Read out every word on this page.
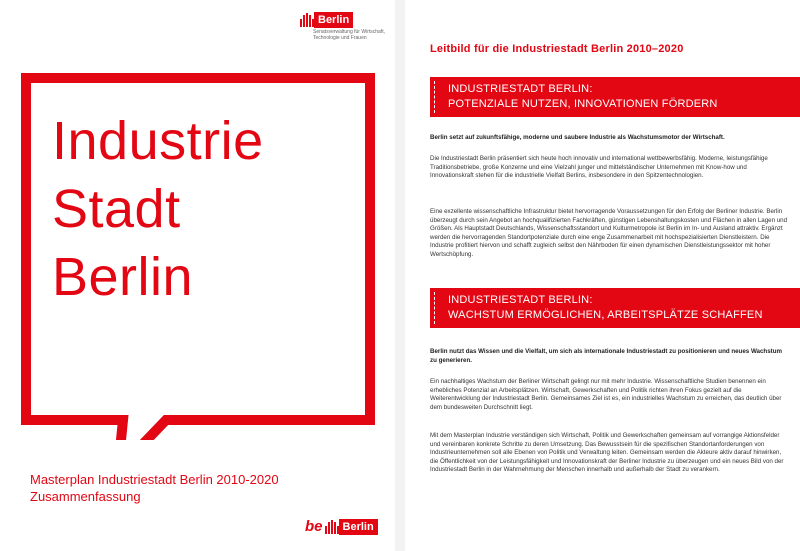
Berlin
Senatsverwaltung für Wirtschaft, Technologie und Frauen
Industrie
Stadt
Berlin
Masterplan Industriestadt Berlin 2010-2020
Zusammenfassung
be	Berlin
Leitbild für die Industriestadt Berlin 2010–2020
INDUSTRIESTADT BERLIN:
POTENZIALE NUTZEN, INNOVATIONEN FÖRDERN
Berlin setzt auf zukunftsfähige, moderne und saubere Industrie als Wachstumsmotor der Wirtschaft.
Die Industriestadt Berlin präsentiert sich heute hoch innovativ und international wettbewerbsfähig. Moderne, leistungsfähige Traditionsbetriebe, große Konzerne und eine Vielzahl junger und mittelständischer Unternehmen mit Know-how und Innovationskraft stehen für die industrielle Vielfalt Berlins, insbesondere in den Spitzentechnologien.
Eine exzellente wissenschaftliche Infrastruktur bietet hervorragende Voraussetzungen für den Erfolg der Berliner Industrie. Berlin überzeugt durch sein Angebot an hochqualifizierten Fachkräften, günstigen Lebenshaltungskosten und Flächen in allen Lagen und Größen. Als Hauptstadt Deutschlands, Wissenschaftsstandort und Kulturmetropole ist Berlin im In- und Ausland attraktiv. Ergänzt werden die hervorragenden Standortpotenziale durch eine enge Zusammenarbeit mit hochspezialisierten Dienstleistern. Die Industrie profitiert hiervon und schafft zugleich selbst den Nährboden für einen dynamischen Dienstleistungssektor mit hoher Wertschöpfung.
INDUSTRIESTADT BERLIN:
WACHSTUM ERMÖGLICHEN, ARBEITSPLÄTZE SCHAFFEN
Berlin nutzt das Wissen und die Vielfalt, um sich als internationale Industriestadt zu positionieren und neues Wachstum zu generieren.
Ein nachhaltiges Wachstum der Berliner Wirtschaft gelingt nur mit mehr Industrie. Wissenschaftliche Studien benennen ein erhebliches Potenzial an Arbeitsplätzen. Wirtschaft, Gewerkschaften und Politik richten ihren Fokus gezielt auf die Weiterentwicklung der Industriestadt Berlin. Gemeinsames Ziel ist es, ein industrielles Wachstum zu erreichen, das deutlich über dem bundesweiten Durchschnitt liegt.
Mit dem Masterplan Industrie verständigen sich Wirtschaft, Politik und Gewerkschaften gemeinsam auf vorrangige Aktionsfelder und vereinbaren konkrete Schritte zu deren Umsetzung. Das Bewusstsein für die spezifischen Standortanforderungen von Industrieunternehmen soll alle Ebenen von Politik und Verwaltung leiten. Gemeinsam werden die Akteure aktiv darauf hinwirken, die Öffentlichkeit von der Leistungsfähigkeit und Innovationskraft der Berliner Industrie zu überzeugen und ein neues Bild von der Industriestadt Berlin in der Wahrnehmung der Menschen innerhalb und außerhalb der Stadt zu verankern.
